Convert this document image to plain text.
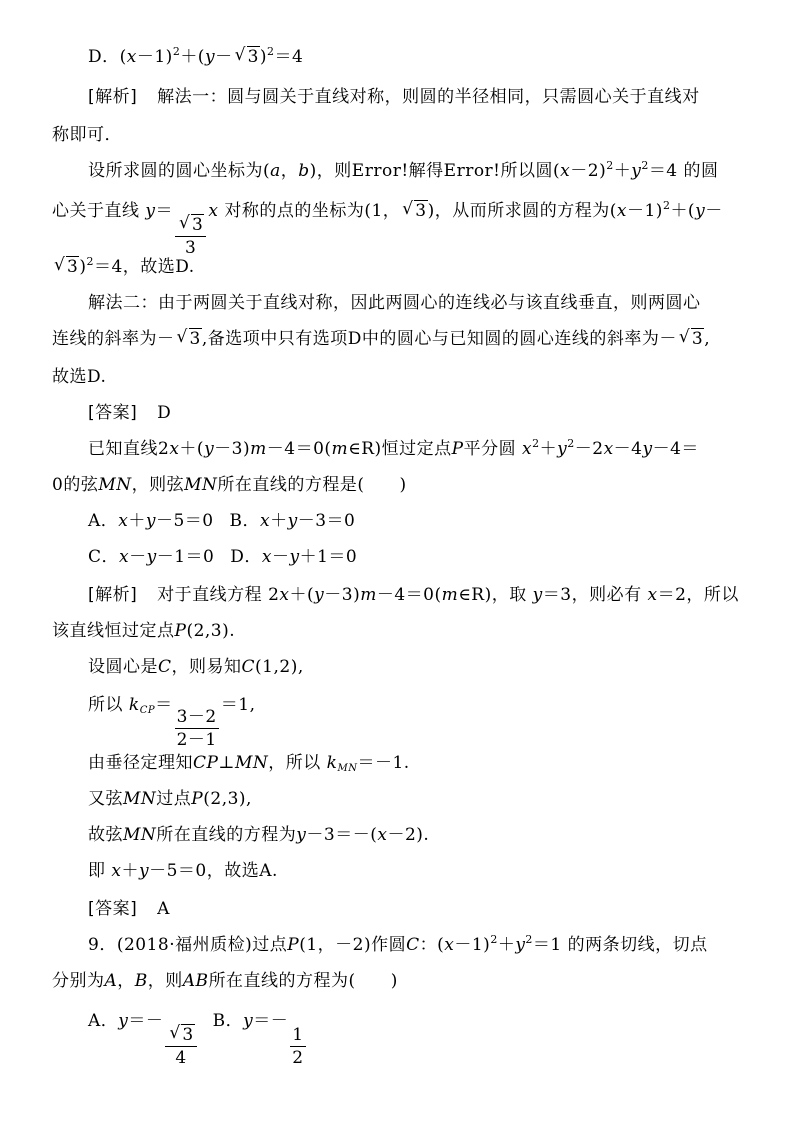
D．$(x-1)^2+(y-√$ 3)$^2$＝4
[解析] 解法一：圆与圆关于直线对称，则圆的半径相同，只需圆心关于直线对
称即可．
设所求圆的圆心坐标为(a，b)，则Error!解得Error!所以圆$(x-2)^2+y^2=4$ 的圆
心关于直线 y＝
√ $\frac{3}{3}$
x 对称的点的坐标为(1，√ 3)，从而所求圆的方程为$(x-1)^2+(y-$
√ 3)$^2$＝4，故选D.
解法二：由于两圆关于直线对称，因此两圆心的连线必与该直线垂直，则两圆心
连线的斜率为－√ 3,备选项中只有选项D中的圆心与已知圆的圆心连线的斜率为－√ 3,
故选D.
[答案] D
已知直线2x＋(y－3)m－4＝0(m∈R)恒过定点P平分圆 $x^2+y^2-2x-4y-4=$
0的弦MN，则弦MN所在直线的方程是(　　)
A．x＋y－5＝0 B．x＋y－3＝0
C．x－y－1＝0 D．x－y＋1＝0
[解析] 对于直线方程 2x＋(y－3)m－4＝0(m∈R)，取 y＝3，则必有 x＝2，所以
该直线恒过定点P(2,3).
设圆心是C，则易知C(1,2),
所以 $k_{CP}=$
$\frac{3-2}{2-1}$
＝1,
由垂径定理知CP⊥MN，所以 $k_{MN}=-1$.
又弦MN过点P(2,3),
故弦MN所在直线的方程为y－3＝－(x－2).
即 x＋y－5＝0，故选A.
[答案] A
9．(2018·福州质检)过点P(1，－2)作圆C：$(x-1)^2+y^2=1$ 的两条切线，切点
分别为A，B，则AB所在直线的方程为(　　)
A．y＝－
√ $\frac{3}{4}$
B．y＝－
$\frac{1}{2}$
